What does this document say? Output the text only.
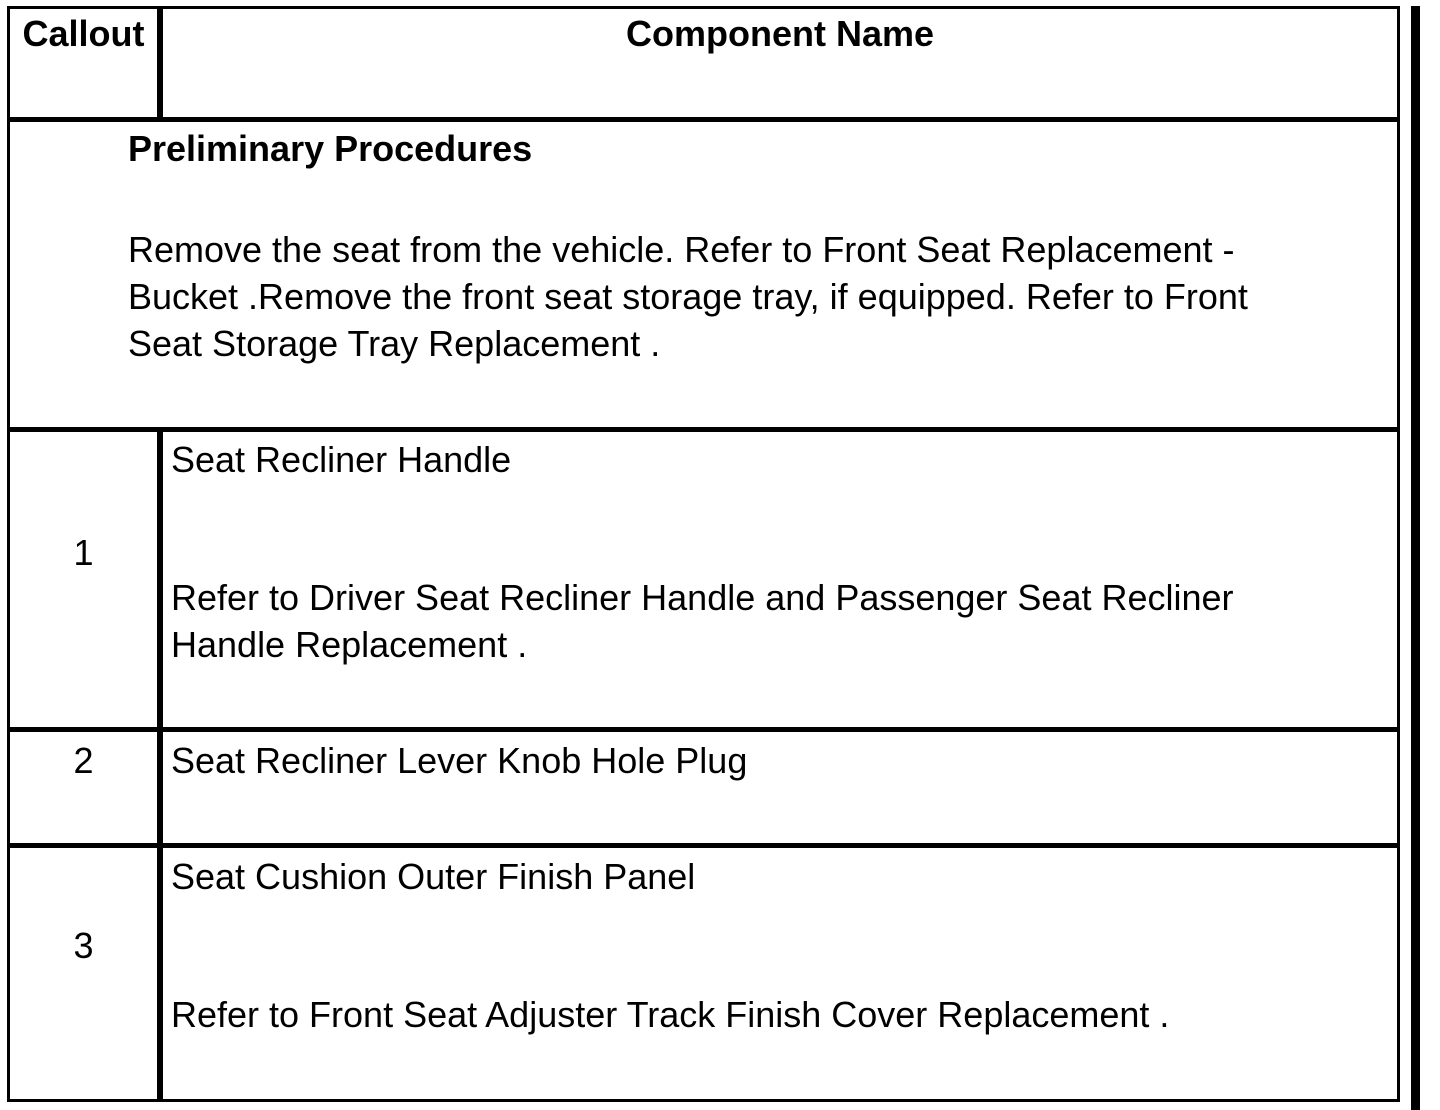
Callout	Component Name
Preliminary Procedures
Remove the seat from the vehicle. Refer to Front Seat Replacement -
Bucket .Remove the front seat storage tray, if equipped. Refer to Front
Seat Storage Tray Replacement .
1
Seat Recliner Handle
Refer to Driver Seat Recliner Handle and Passenger Seat Recliner
Handle Replacement .
2	Seat Recliner Lever Knob Hole Plug
3
Seat Cushion Outer Finish Panel
Refer to Front Seat Adjuster Track Finish Cover Replacement .
